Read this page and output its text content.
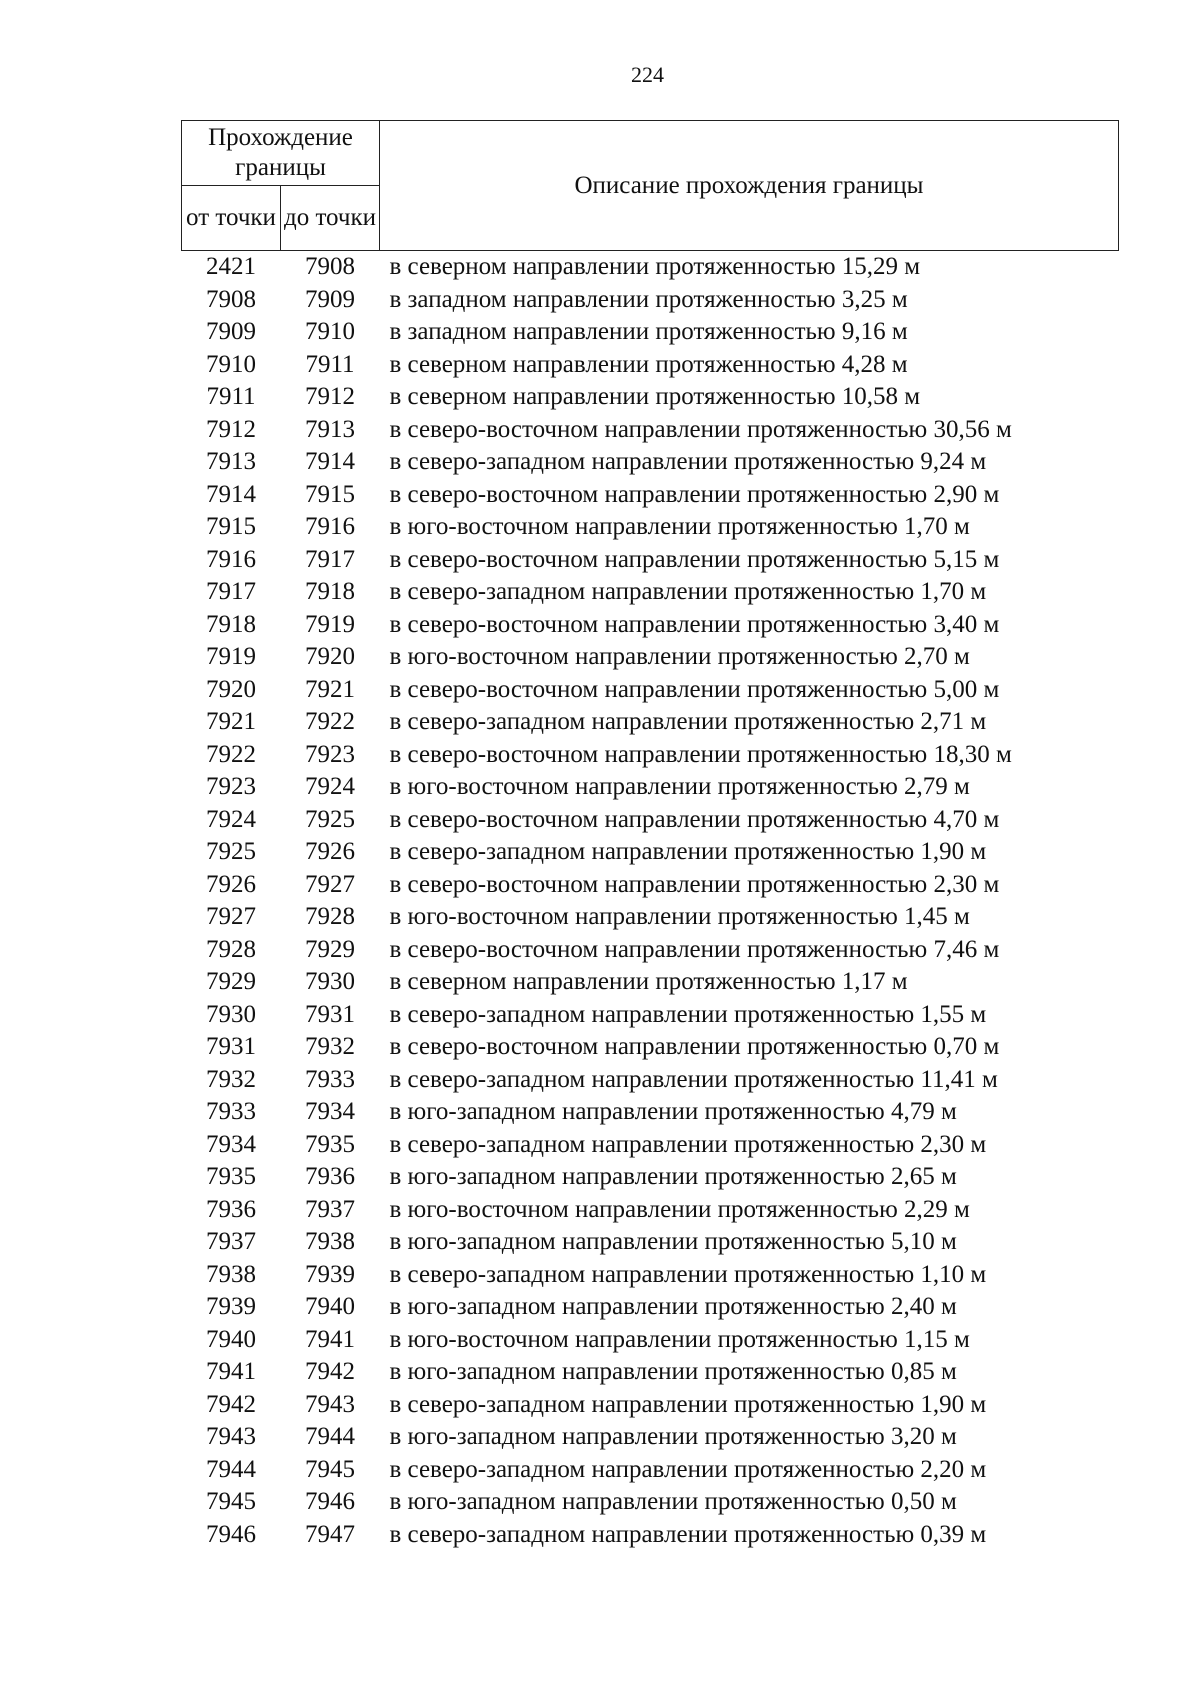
224
Прохождение границы		Описание прохождения границы
от точки	до точки	
2421	7908	в северном направлении протяженностью 15,29 м
7908	7909	в западном направлении протяженностью 3,25 м
7909	7910	в западном направлении протяженностью 9,16 м
7910	7911	в северном направлении протяженностью 4,28 м
7911	7912	в северном направлении протяженностью 10,58 м
7912	7913	в северо-восточном направлении протяженностью 30,56 м
7913	7914	в северо-западном направлении протяженностью 9,24 м
7914	7915	в северо-восточном направлении протяженностью 2,90 м
7915	7916	в юго-восточном направлении протяженностью 1,70 м
7916	7917	в северо-восточном направлении протяженностью 5,15 м
7917	7918	в северо-западном направлении протяженностью 1,70 м
7918	7919	в северо-восточном направлении протяженностью 3,40 м
7919	7920	в юго-восточном направлении протяженностью 2,70 м
7920	7921	в северо-восточном направлении протяженностью 5,00 м
7921	7922	в северо-западном направлении протяженностью 2,71 м
7922	7923	в северо-восточном направлении протяженностью 18,30 м
7923	7924	в юго-восточном направлении протяженностью 2,79 м
7924	7925	в северо-восточном направлении протяженностью 4,70 м
7925	7926	в северо-западном направлении протяженностью 1,90 м
7926	7927	в северо-восточном направлении протяженностью 2,30 м
7927	7928	в юго-восточном направлении протяженностью 1,45 м
7928	7929	в северо-восточном направлении протяженностью 7,46 м
7929	7930	в северном направлении протяженностью 1,17 м
7930	7931	в северо-западном направлении протяженностью 1,55 м
7931	7932	в северо-восточном направлении протяженностью 0,70 м
7932	7933	в северо-западном направлении протяженностью 11,41 м
7933	7934	в юго-западном направлении протяженностью 4,79 м
7934	7935	в северо-западном направлении протяженностью 2,30 м
7935	7936	в юго-западном направлении протяженностью 2,65 м
7936	7937	в юго-восточном направлении протяженностью 2,29 м
7937	7938	в юго-западном направлении протяженностью 5,10 м
7938	7939	в северо-западном направлении протяженностью 1,10 м
7939	7940	в юго-западном направлении протяженностью 2,40 м
7940	7941	в юго-восточном направлении протяженностью 1,15 м
7941	7942	в юго-западном направлении протяженностью 0,85 м
7942	7943	в северо-западном направлении протяженностью 1,90 м
7943	7944	в юго-западном направлении протяженностью 3,20 м
7944	7945	в северо-западном направлении протяженностью 2,20 м
7945	7946	в юго-западном направлении протяженностью 0,50 м
7946	7947	в северо-западном направлении протяженностью 0,39 м
